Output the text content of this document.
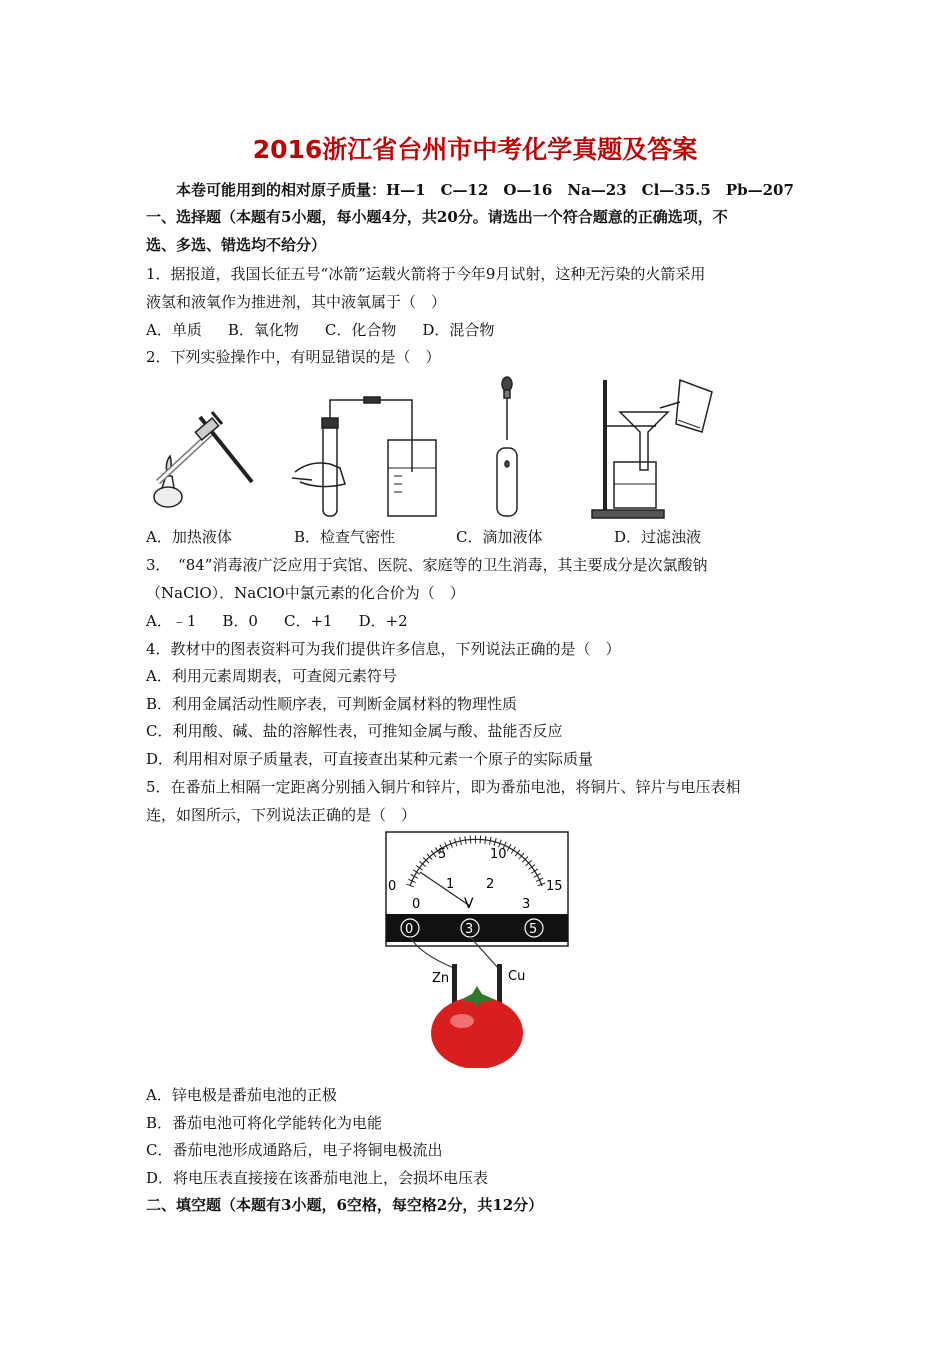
2016浙江省台州市中考化学真题及答案
本卷可能用到的相对原子质量：H—1　C—12　O—16　Na—23　Cl—35.5　Pb—207
一、选择题（本题有5小题，每小题4分，共20分。请选出一个符合题意的正确选项，不
选、多选、错选均不给分）
1．据报道，我国长征五号“冰箭”运载火箭将于今年9月试射，这种无污染的火箭采用
液氢和液氧作为推进剂，其中液氧属于（　）
A．单质 B．氧化物 C．化合物 D．混合物
2．下列实验操作中，有明显错误的是（　）
A．加热液体	B．检查气密性	C．滴加液体	D．过滤浊液
3．　“84”消毒液广泛应用于宾馆、医院、家庭等的卫生消毒，其主要成分是次氯酸钠
（NaClO）．NaClO中氯元素的化合价为（　）
A．﹣1 B．0 C．+1 D．+2
4．教材中的图表资料可为我们提供许多信息，下列说法正确的是（　）
A．利用元素周期表，可查阅元素符号
B．利用金属活动性顺序表，可判断金属材料的物理性质
C．利用酸、碱、盐的溶解性表，可推知金属与酸、盐能否反应
D．利用相对原子质量表，可直接查出某种元素一个原子的实际质量
5．在番茄上相隔一定距离分别插入铜片和锌片，即为番茄电池，将铜片、锌片与电压表相
连，如图所示，下列说法正确的是（　）
5	10
0	15
1 2
0	3
V
0	3	5
Zn	Cu
A．锌电极是番茄电池的正极
B．番茄电池可将化学能转化为电能
C．番茄电池形成通路后，电子将铜电极流出
D．将电压表直接接在该番茄电池上，会损坏电压表
二、填空题（本题有3小题，6空格，每空格2分，共12分）
